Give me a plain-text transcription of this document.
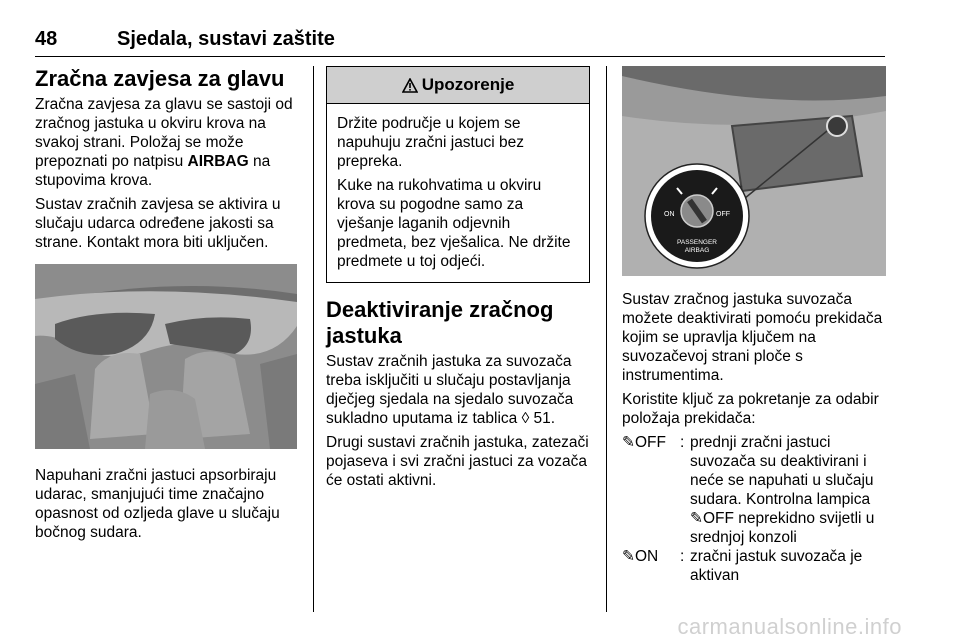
48	Sjedala, sustavi zaštite
Zračna zavjesa za glavu

Zračna zavjesa za glavu se sastoji od zračnog jastuka u okviru krova na svakoj strani. Položaj se može prepoznati po natpisu AIRBAG na stupovima krova.

Sustav zračnih zavjesa se aktivira u slučaju udarca određene jakosti sa strane. Kontakt mora biti uključen.

Napuhani zračni jastuci apsorbiraju udarac, smanjujući time značajno opasnost od ozljeda glave u slučaju bočnog sudara.

Upozorenje

Držite područje u kojem se napuhuju zračni jastuci bez prepreka.

Kuke na rukohvatima u okviru krova su pogodne samo za vješanje laganih odjevnih predmeta, bez vješalica. Ne držite predmete u toj odjeći.

Deaktiviranje zračnog jastuka

Sustav zračnih jastuka za suvozača treba isključiti u slučaju postavljanja dječjeg sjedala na sjedalo suvozača sukladno uputama iz tablica ◊ 51.

Drugi sustavi zračnih jastuka, zatezači pojaseva i svi zračni jastuci za vozača će ostati aktivni.

ON	OFF
PASSENGER
AIRBAG

Sustav zračnog jastuka suvozača možete deaktivirati pomoću prekidača kojim se upravlja ključem na suvozačevoj strani ploče s instrumentima.

Koristite ključ za pokretanje za odabir položaja prekidača:

✎OFF : prednji zračni jastuci suvozača su deaktivirani i neće se napuhati u slučaju sudara. Kontrolna lampica ✎OFF neprekidno svijetli u srednjoj konzoli
✎ON	: zračni jastuk suvozača je aktivan
carmanualsonline.info
